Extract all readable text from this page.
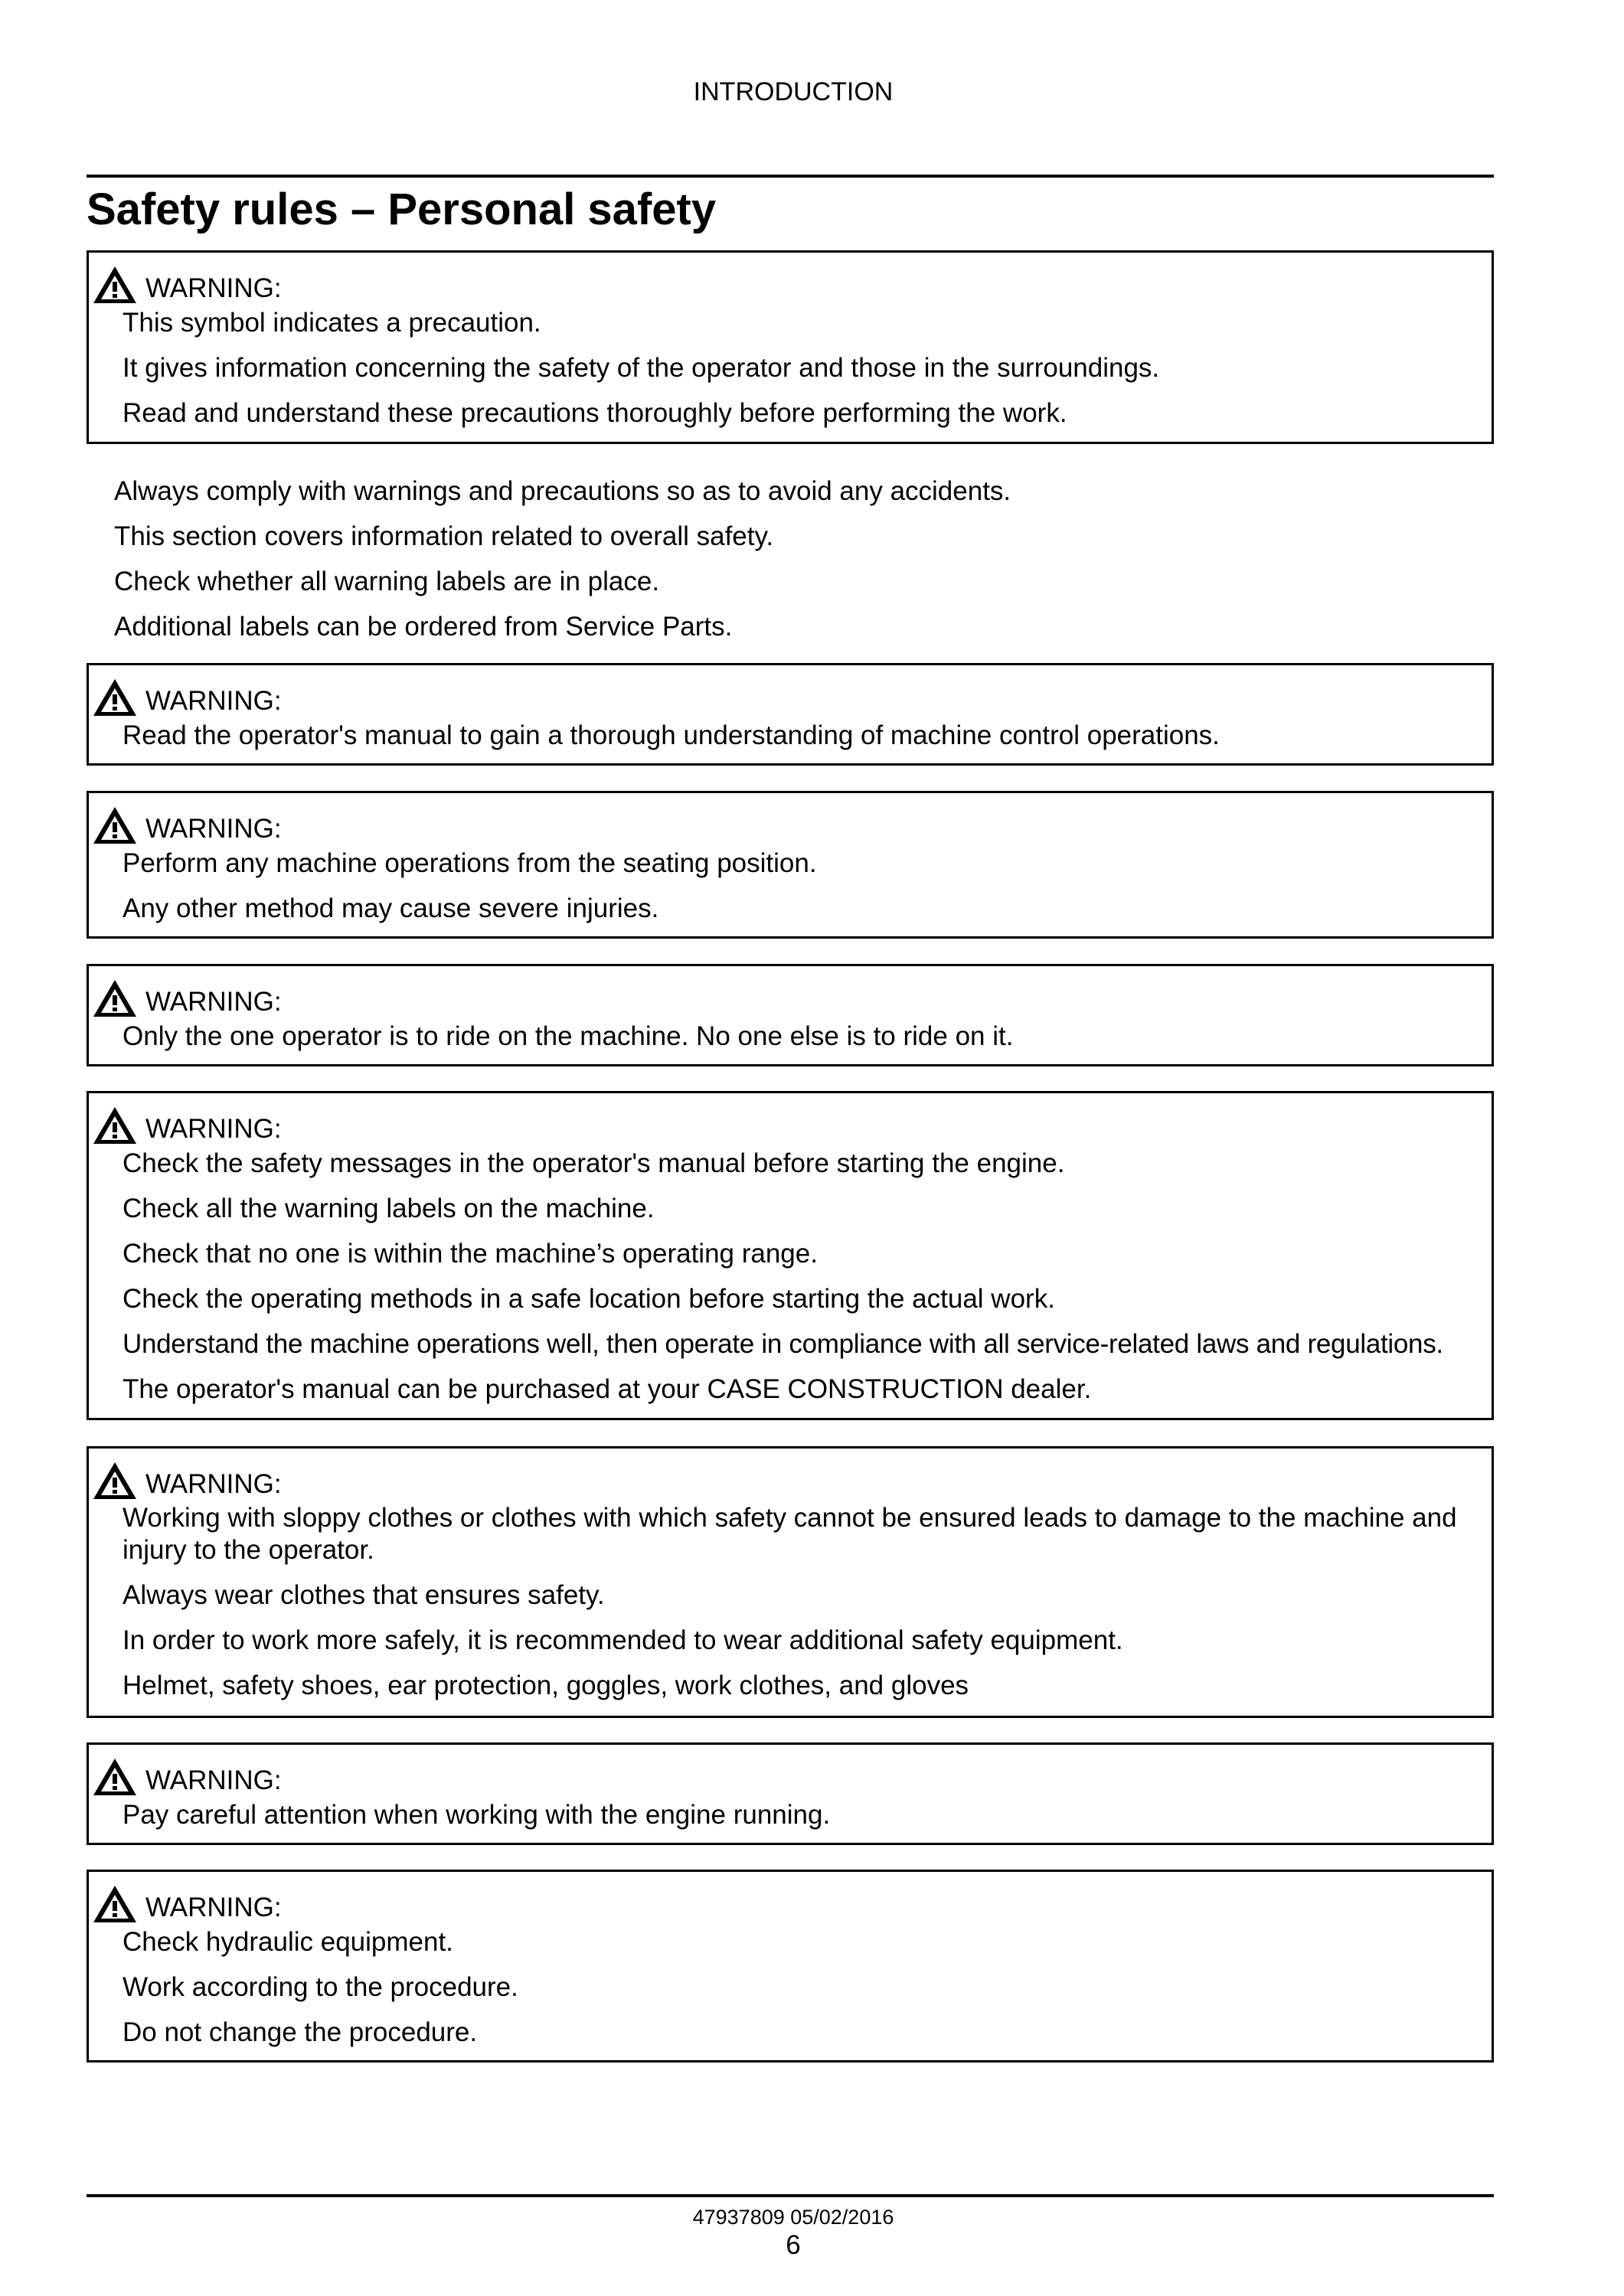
INTRODUCTION
Safety rules – Personal safety
WARNING:

This symbol indicates a precaution.

It gives information concerning the safety of the operator and those in the surroundings.

Read and understand these precautions thoroughly before performing the work.

Always comply with warnings and precautions so as to avoid any accidents.

This section covers information related to overall safety.

Check whether all warning labels are in place.

Additional labels can be ordered from Service Parts.

WARNING:

Read the operator's manual to gain a thorough understanding of machine control operations.

WARNING:

Perform any machine operations from the seating position.

Any other method may cause severe injuries.

WARNING:

Only the one operator is to ride on the machine. No one else is to ride on it.

WARNING:

Check the safety messages in the operator's manual before starting the engine.

Check all the warning labels on the machine.

Check that no one is within the machine’s operating range.

Check the operating methods in a safe location before starting the actual work.

Understand the machine operations well, then operate in compliance with all service-related laws and regulations.

The operator's manual can be purchased at your CASE CONSTRUCTION dealer.

WARNING:

Working with sloppy clothes or clothes with which safety cannot be ensured leads to damage to the machine and injury to the operator.

Always wear clothes that ensures safety.

In order to work more safely, it is recommended to wear additional safety equipment.

Helmet, safety shoes, ear protection, goggles, work clothes, and gloves

WARNING:

Pay careful attention when working with the engine running.

WARNING:

Check hydraulic equipment.

Work according to the procedure.

Do not change the procedure.

47937809 05/02/2016
6
